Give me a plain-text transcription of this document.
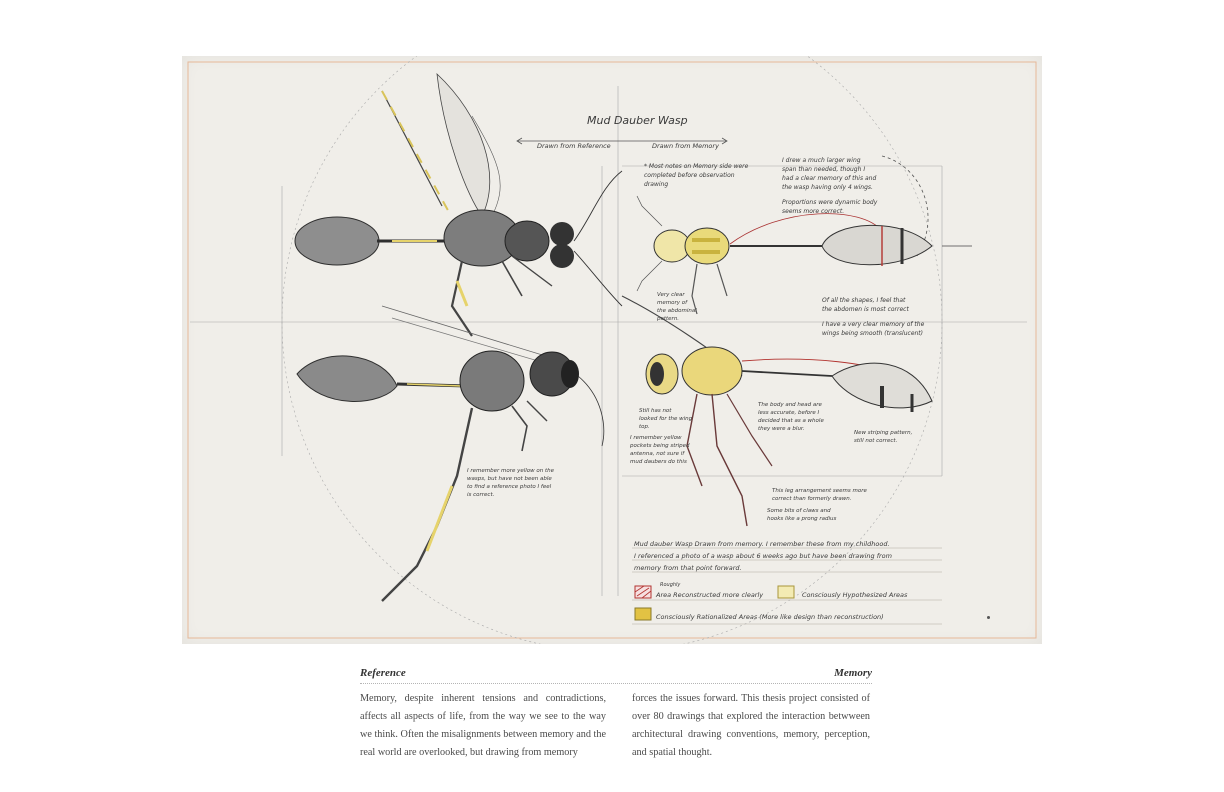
Mud Dauber Wasp
Drawn from Reference	Drawn from Memory
* Most notes on Memory side were completed before observation drawing
I drew a much larger wing span than needed, though I had a clear memory of this and the wasp having only 4 wings.
Proportions were dynamic body seems more correct.
Very clear memory of the abdominal pattern.
Of all the shapes, I feel that the abdomen is most correct
I have a very clear memory of the wings being smooth (translucent)
Still has not looked for the wing top.
I remember yellow pockets being striped antenna, not sure if mud daubers do this
The body and head are less accurate, before I decided that as a whole they were a blur.
New striping pattern, still not correct.
This leg arrangement seems more correct than formerly drawn.
Some bits of claws and hooks like a prong radius
I remember more yellow on the wasps, but have not been able to find a reference photo I feel is correct.
Mud dauber Wasp Drawn from memory. I remember these from my childhood.
I referenced a photo of a wasp about 6 weeks ago but have been drawing from
memory from that point forward.
Roughly
Area Reconstructed more clearly	Consciously Hypothesized Areas
Consciously Rationalized Areas (More like design than reconstruction)
Reference	Memory
Memory, despite inherent tensions and contradictions, affects all aspects of life, from the way we see to the way we think. Often the misalignments between memory and the real world are overlooked, but drawing from memory
forces the issues forward. This thesis project consisted of over 80 drawings that explored the interaction betwween architectural drawing conventions, memory, perception, and spatial thought.
